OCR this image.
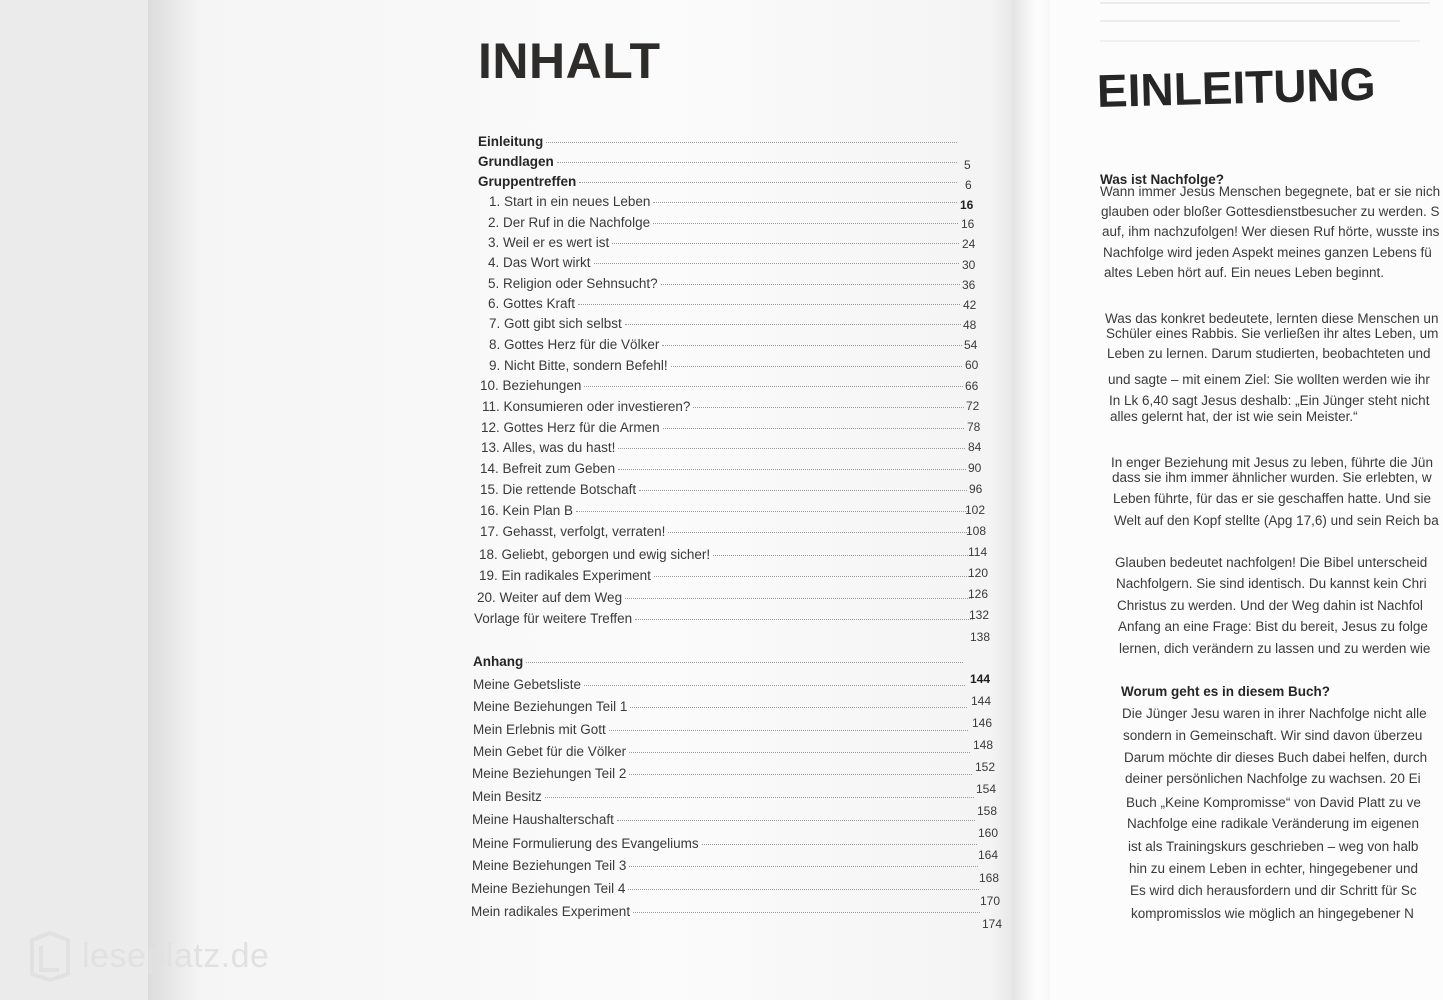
INHALT
Einleitung
Grundlagen
Gruppentreffen
1. Start in ein neues Leben
2. Der Ruf in die Nachfolge
3. Weil er es wert ist
4. Das Wort wirkt
5. Religion oder Sehnsucht?
6. Gottes Kraft
7. Gott gibt sich selbst
8. Gottes Herz für die Völker
9. Nicht Bitte, sondern Befehl!
10. Beziehungen
11. Konsumieren oder investieren?
12. Gottes Herz für die Armen
13. Alles, was du hast!
14. Befreit zum Geben
15. Die rettende Botschaft
16. Kein Plan B
17. Gehasst, verfolgt, verraten!
18. Geliebt, geborgen und ewig sicher!
19. Ein radikales Experiment
20. Weiter auf dem Weg
Vorlage für weitere Treffen
Anhang
Meine Gebetsliste
Meine Beziehungen Teil 1
Mein Erlebnis mit Gott
Mein Gebet für die Völker
Meine Beziehungen Teil 2
Mein Besitz
Meine Haushalterschaft
Meine Formulierung des Evangeliums
Meine Beziehungen Teil 3
Meine Beziehungen Teil 4
Mein radikales Experiment
5
6
16
16
24
30
36
42
48
54
60
66
72
78
84
90
96
102
108
114
120
126
132
138
144
144
146
148
152
154
158
160
164
168
170
174
EINLEITUNG
Was ist Nachfolge?
Wann immer Jesus Menschen begegnete, bat er sie nich
glauben oder bloßer Gottesdienstbesucher zu werden. S
auf, ihm nachzufolgen! Wer diesen Ruf hörte, wusste ins
Nachfolge wird jeden Aspekt meines ganzen Lebens fü
altes Leben hört auf. Ein neues Leben beginnt.
Was das konkret bedeutete, lernten diese Menschen un
Schüler eines Rabbis. Sie verließen ihr altes Leben, um
Leben zu lernen. Darum studierten, beobachteten und
und sagte – mit einem Ziel: Sie wollten werden wie ihr
In Lk 6,40 sagt Jesus deshalb: „Ein Jünger steht nicht
alles gelernt hat, der ist wie sein Meister.“
In enger Beziehung mit Jesus zu leben, führte die Jün
dass sie ihm immer ähnlicher wurden. Sie erlebten, w
Leben führte, für das er sie geschaffen hatte. Und sie
Welt auf den Kopf stellte (Apg 17,6) und sein Reich ba
Glauben bedeutet nachfolgen! Die Bibel unterscheid
Nachfolgern. Sie sind identisch. Du kannst kein Chri
Christus zu werden. Und der Weg dahin ist Nachfol
Anfang an eine Frage: Bist du bereit, Jesus zu folge
lernen, dich verändern zu lassen und zu werden wie
Worum geht es in diesem Buch?
Die Jünger Jesu waren in ihrer Nachfolge nicht alle
sondern in Gemeinschaft. Wir sind davon überzeu
Darum möchte dir dieses Buch dabei helfen, durch
deiner persönlichen Nachfolge zu wachsen. 20 Ei
Buch „Keine Kompromisse“ von David Platt zu ve
Nachfolge eine radikale Veränderung im eigenen
ist als Trainingskurs geschrieben – weg von halb
hin zu einem Leben in echter, hingegebener und
Es wird dich herausfordern und dir Schritt für Sc
kompromisslos wie möglich an hingegebener N
leseplatz.de
